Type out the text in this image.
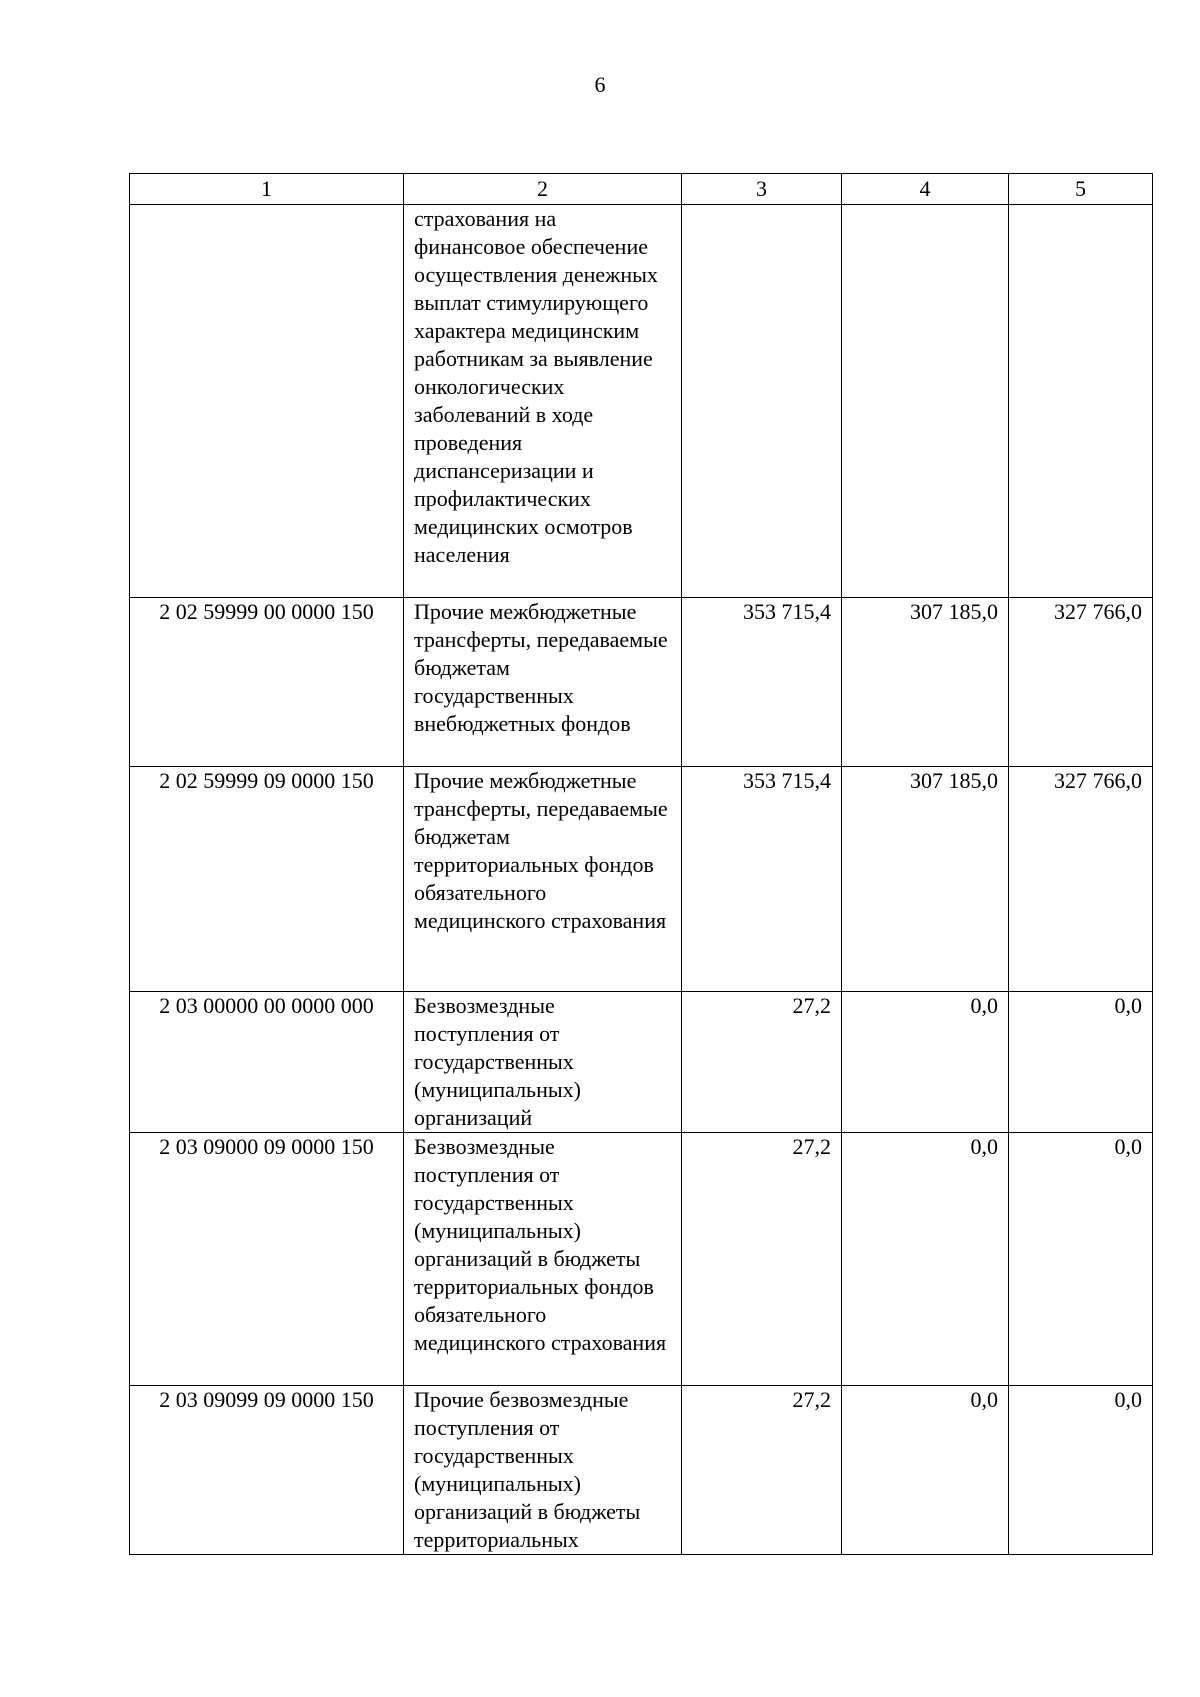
6
1	2	3	4	5
	страхования на финансовое обеспечение осуществления денежных выплат стимулирующего характера медицинским работникам за выявление онкологических заболеваний в ходе проведения диспансеризации и профилактических медицинских осмотров населения			
2 02 59999 00 0000 150	Прочие межбюджетные трансферты, передаваемые бюджетам государственных внебюджетных фондов	353 715,4	307 185,0	327 766,0
2 02 59999 09 0000 150	Прочие межбюджетные трансферты, передаваемые бюджетам территориальных фондов обязательного медицинского страхования	353 715,4	307 185,0	327 766,0
2 03 00000 00 0000 000	Безвозмездные поступления от государственных (муниципальных) организаций	27,2	0,0	0,0
2 03 09000 09 0000 150	Безвозмездные поступления от государственных (муниципальных) организаций в бюджеты территориальных фондов обязательного медицинского страхования	27,2	0,0	0,0
2 03 09099 09 0000 150	Прочие безвозмездные поступления от государственных (муниципальных) организаций в бюджеты территориальных	27,2	0,0	0,0
